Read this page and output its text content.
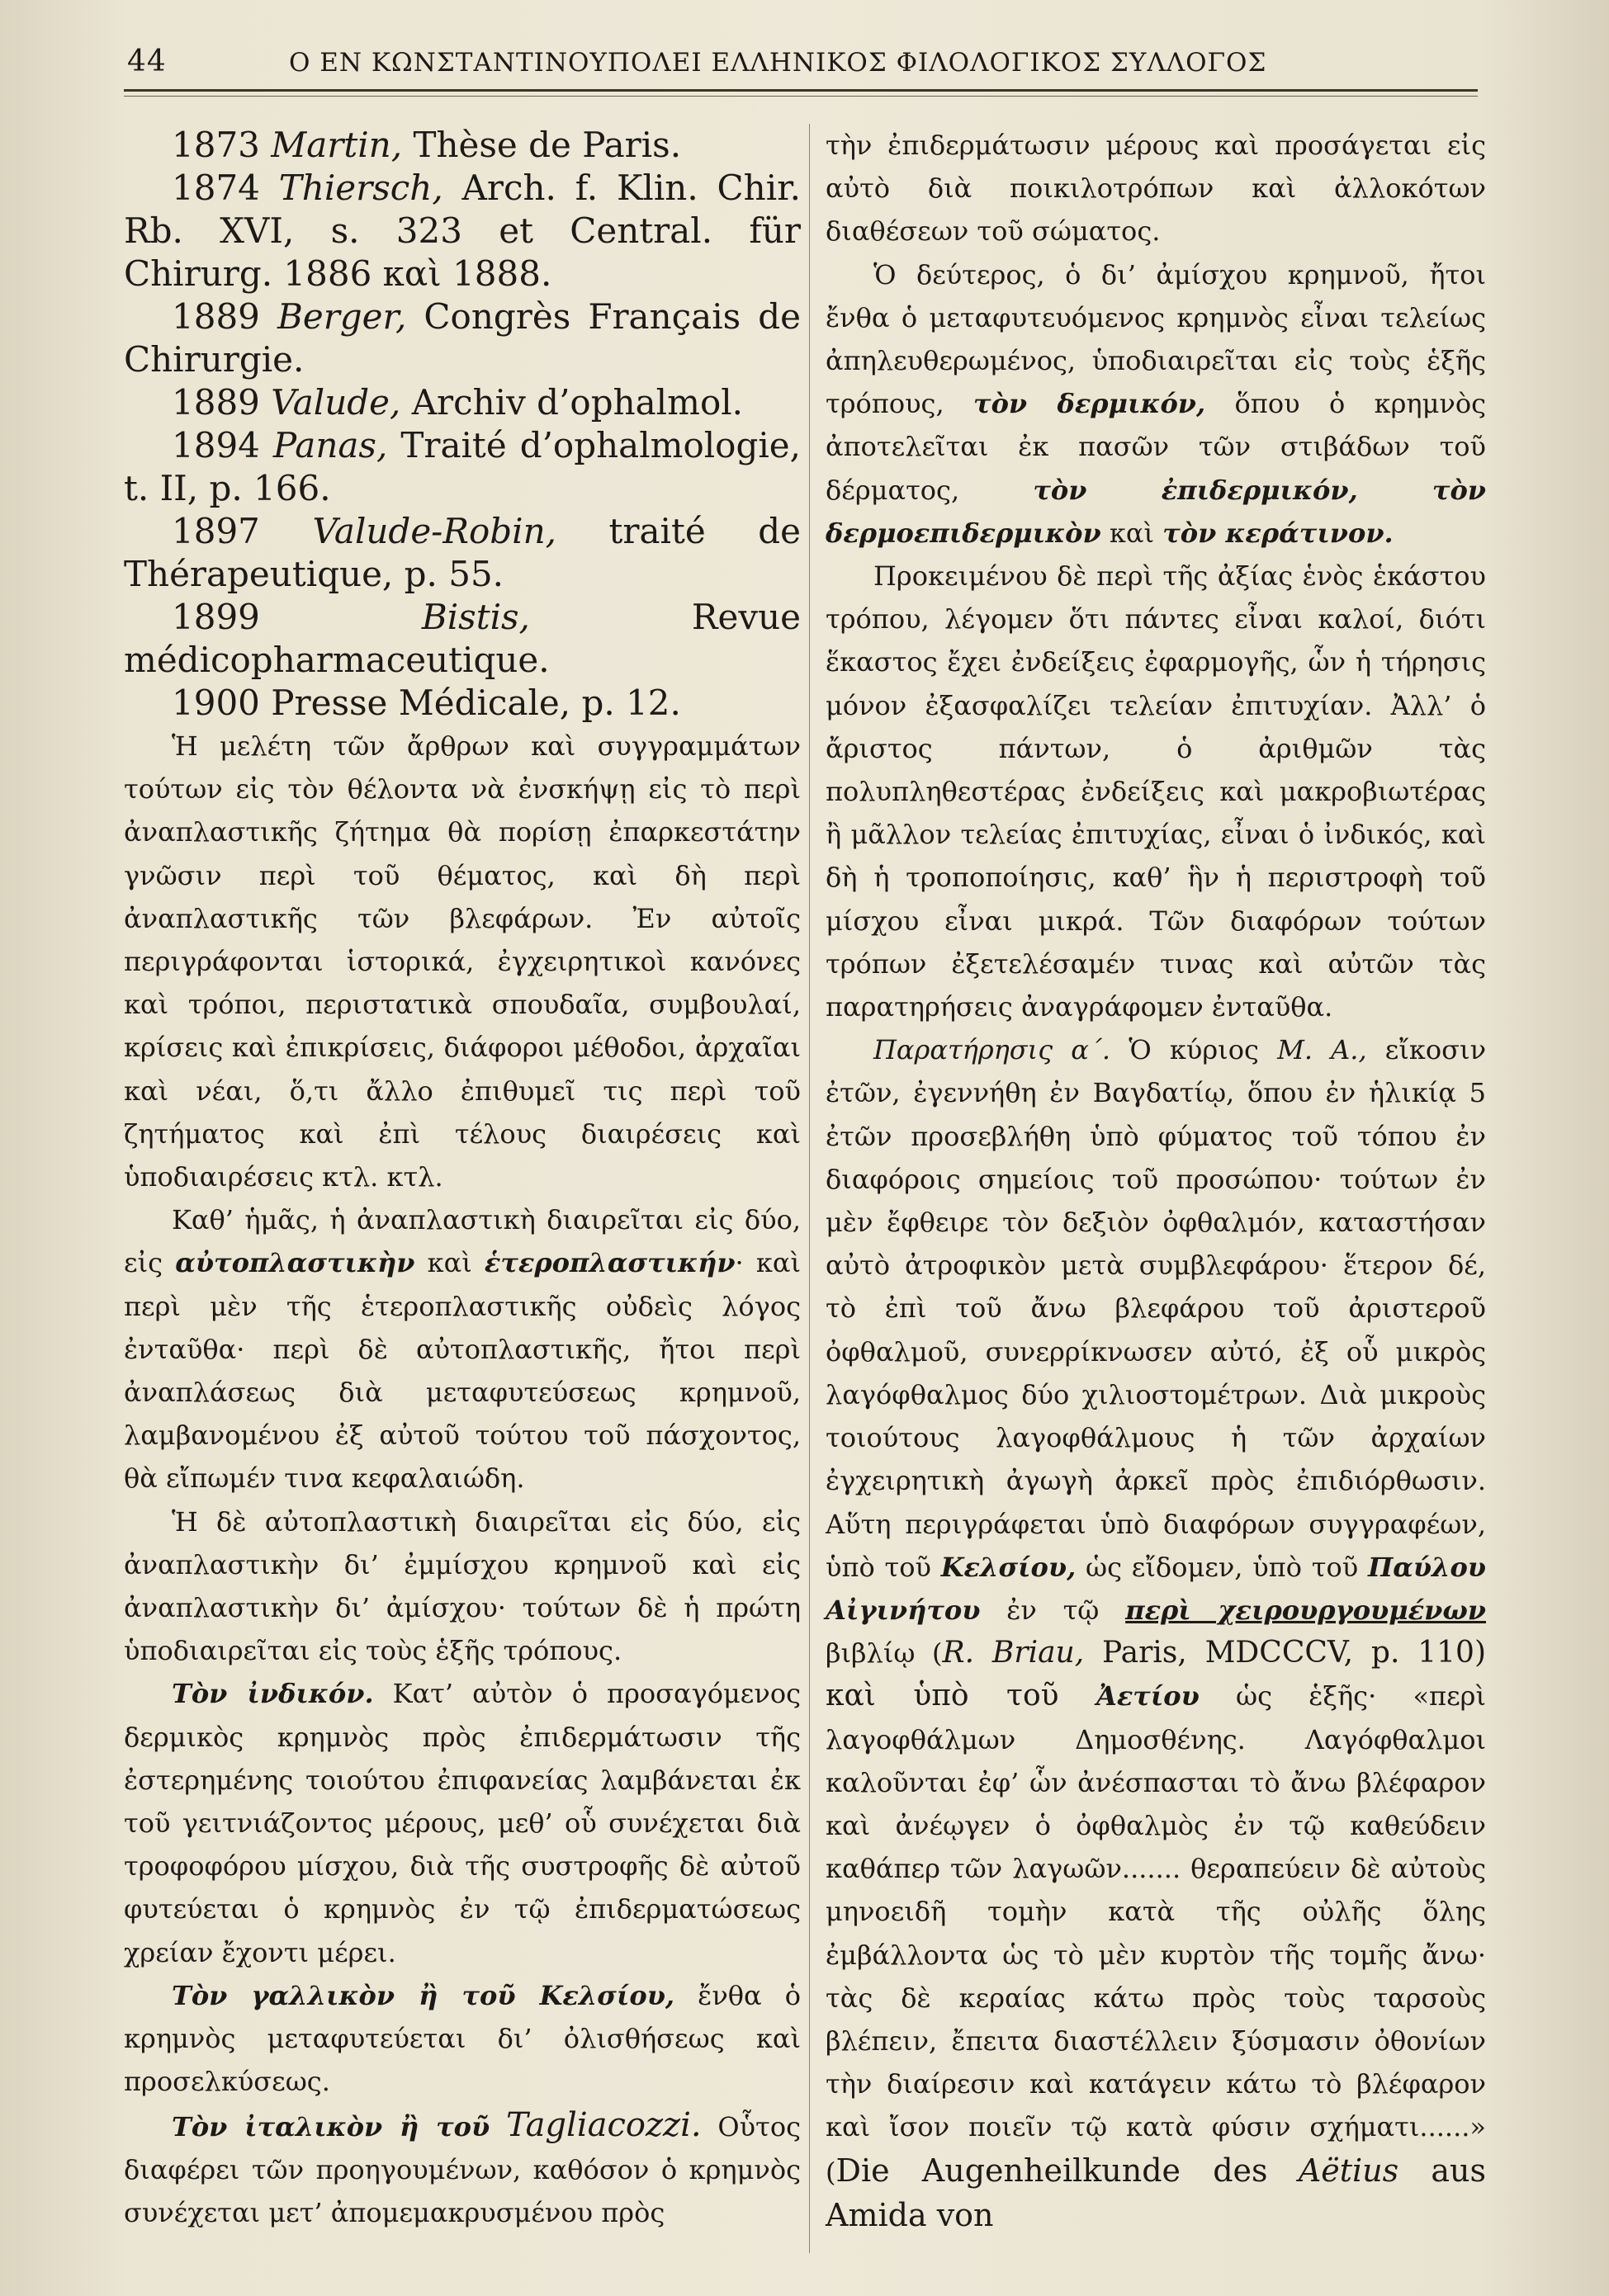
44	Ο ΕΝ ΚΩΝΣΤΑΝΤΙΝΟΥΠΟΛΕΙ ΕΛΛΗΝΙΚΟΣ ΦΙΛΟΛΟΓΙΚΟΣ ΣΥΛΛΟΓΟΣ

1873 Martin, Thèse de Paris.

1874 Thiersch, Arch. f. Klin. Chir. Rb. XVI, s. 323 et Central. für Chirurg. 1886 καὶ 1888.

1889 Berger, Congrès Français de Chirurgie.

1889 Valude, Archiv d’ophalmol.

1894 Panas, Traité d’ophalmologie, t. II, p. 166.

1897 Valude-Robin, traité de Thérapeutique, p. 55.

1899 Bistis, Revue médicopharmaceutique.

1900 Presse Médicale, p. 12.

Ἡ μελέτη τῶν ἄρθρων καὶ συγγραμμάτων τούτων εἰς τὸν θέλοντα νὰ ἐνσκήψῃ εἰς τὸ περὶ ἀναπλαστικῆς ζήτημα θὰ πορίσῃ ἐπαρκεστάτην γνῶσιν περὶ τοῦ θέματος, καὶ δὴ περὶ ἀναπλαστικῆς τῶν βλεφάρων. Ἐν αὐτοῖς περιγράφονται ἱστορικά, ἐγχειρητικοὶ κανόνες καὶ τρόποι, περιστατικὰ σπουδαῖα, συμβουλαί, κρίσεις καὶ ἐπικρίσεις, διάφοροι μέθοδοι, ἀρχαῖαι καὶ νέαι, ὅ,τι ἄλλο ἐπιθυμεῖ τις περὶ τοῦ ζητήματος καὶ ἐπὶ τέλους διαιρέσεις καὶ ὑποδιαιρέσεις κτλ. κτλ.

Καθ’ ἡμᾶς, ἡ ἀναπλαστικὴ διαιρεῖται εἰς δύο, εἰς αὐτοπλαστικὴν καὶ ἑτεροπλαστικήν· καὶ περὶ μὲν τῆς ἑτεροπλαστικῆς οὐδεὶς λόγος ἐνταῦθα· περὶ δὲ αὐτοπλαστικῆς, ἤτοι περὶ ἀναπλάσεως διὰ μεταφυτεύσεως κρημνοῦ, λαμβανομένου ἐξ αὐτοῦ τούτου τοῦ πάσχοντος, θὰ εἴπωμέν τινα κεφαλαιώδη.

Ἡ δὲ αὐτοπλαστικὴ διαιρεῖται εἰς δύο, εἰς ἀναπλαστικὴν δι’ ἐμμίσχου κρημνοῦ καὶ εἰς ἀναπλαστικὴν δι’ ἀμίσχου· τούτων δὲ ἡ πρώτη ὑποδιαιρεῖται εἰς τοὺς ἑξῆς τρόπους.

Τὸν ἰνδικόν. Κατ’ αὐτὸν ὁ προσαγόμενος δερμικὸς κρημνὸς πρὸς ἐπιδερμάτωσιν τῆς ἐστερημένης τοιούτου ἐπιφανείας λαμβάνεται ἐκ τοῦ γειτνιάζοντος μέρους, μεθ’ οὗ συνέχεται διὰ τροφοφόρου μίσχου, διὰ τῆς συστροφῆς δὲ αὐτοῦ φυτεύεται ὁ κρημνὸς ἐν τῷ ἐπιδερματώσεως χρείαν ἔχοντι μέρει.

Τὸν γαλλικὸν ἢ τοῦ Κελσίου, ἔνθα ὁ κρημνὸς μεταφυτεύεται δι’ ὀλισθήσεως καὶ προσελκύσεως.

Τὸν ἰταλικὸν ἢ τοῦ Tagliacozzi. Οὗτος διαφέρει τῶν προηγουμένων, καθόσον ὁ κρημνὸς συνέχεται μετ’ ἀπομεμακρυσμένου πρὸς

τὴν ἐπιδερμάτωσιν μέρους καὶ προσάγεται εἰς αὐτὸ διὰ ποικιλοτρόπων καὶ ἀλλοκότων διαθέσεων τοῦ σώματος.

Ὁ δεύτερος, ὁ δι’ ἀμίσχου κρημνοῦ, ἤτοι ἔνθα ὁ μεταφυτευόμενος κρημνὸς εἶναι τελείως ἀπηλευθερωμένος, ὑποδιαιρεῖται εἰς τοὺς ἑξῆς τρόπους, τὸν δερμικόν, ὅπου ὁ κρημνὸς ἀποτελεῖται ἐκ πασῶν τῶν στιβάδων τοῦ δέρματος, τὸν ἐπιδερμικόν, τὸν δερμοεπιδερμικὸν καὶ τὸν κεράτινον.

Προκειμένου δὲ περὶ τῆς ἀξίας ἑνὸς ἑκάστου τρόπου, λέγομεν ὅτι πάντες εἶναι καλοί, διότι ἕκαστος ἔχει ἐνδείξεις ἐφαρμογῆς, ὧν ἡ τήρησις μόνον ἐξασφαλίζει τελείαν ἐπιτυχίαν. Ἀλλ’ ὁ ἄριστος πάντων, ὁ ἀριθμῶν τὰς πολυπληθεστέρας ἐνδείξεις καὶ μακροβιωτέρας ἢ μᾶλλον τελείας ἐπιτυχίας, εἶναι ὁ ἰνδικός, καὶ δὴ ἡ τροποποίησις, καθ’ ἣν ἡ περιστροφὴ τοῦ μίσχου εἶναι μικρά. Τῶν διαφόρων τούτων τρόπων ἐξετελέσαμέν τινας καὶ αὐτῶν τὰς παρατηρήσεις ἀναγράφομεν ἐνταῦθα.

Παρατήρησις α΄. Ὁ κύριος Μ. Α., εἴκοσιν ἐτῶν, ἐγεννήθη ἐν Βαγδατίῳ, ὅπου ἐν ἡλικίᾳ 5 ἐτῶν προσεβλήθη ὑπὸ φύματος τοῦ τόπου ἐν διαφόροις σημείοις τοῦ προσώπου· τούτων ἐν μὲν ἔφθειρε τὸν δεξιὸν ὀφθαλμόν, καταστήσαν αὐτὸ ἀτροφικὸν μετὰ συμβλεφάρου· ἕτερον δέ, τὸ ἐπὶ τοῦ ἄνω βλεφάρου τοῦ ἀριστεροῦ ὀφθαλμοῦ, συνερρίκνωσεν αὐτό, ἐξ οὗ μικρὸς λαγόφθαλμος δύο χιλιοστομέτρων. Διὰ μικροὺς τοιούτους λαγοφθάλμους ἡ τῶν ἀρχαίων ἐγχειρητικὴ ἀγωγὴ ἀρκεῖ πρὸς ἐπιδιόρθωσιν. Αὕτη περιγράφεται ὑπὸ διαφόρων συγγραφέων, ὑπὸ τοῦ Κελσίου, ὡς εἴδομεν, ὑπὸ τοῦ Παύλου Αἰγινήτου ἐν τῷ περὶ χειρουργουμένων βιβλίῳ (R. Briau, Paris, MDCCCV, p. 110) καὶ ὑπὸ τοῦ Ἀετίου ὡς ἑξῆς· «περὶ λαγοφθάλμων Δημοσθένης. Λαγόφθαλμοι καλοῦνται ἐφ’ ὧν ἀνέσπασται τὸ ἄνω βλέφαρον καὶ ἀνέῳγεν ὁ ὀφθαλμὸς ἐν τῷ καθεύδειν καθάπερ τῶν λαγωῶν....... θεραπεύειν δὲ αὐτοὺς μηνοειδῆ τομὴν κατὰ τῆς οὐλῆς ὅλης ἐμβάλλοντα ὡς τὸ μὲν κυρτὸν τῆς τομῆς ἄνω· τὰς δὲ κεραίας κάτω πρὸς τοὺς ταρσοὺς βλέπειν, ἔπειτα διαστέλλειν ξύσμασιν ὀθονίων τὴν διαίρεσιν καὶ κατάγειν κάτω τὸ βλέφαρον καὶ ἴσον ποιεῖν τῷ κατὰ φύσιν σχήματι......» (Die Augenheilkunde des Aëtius aus Amida von
